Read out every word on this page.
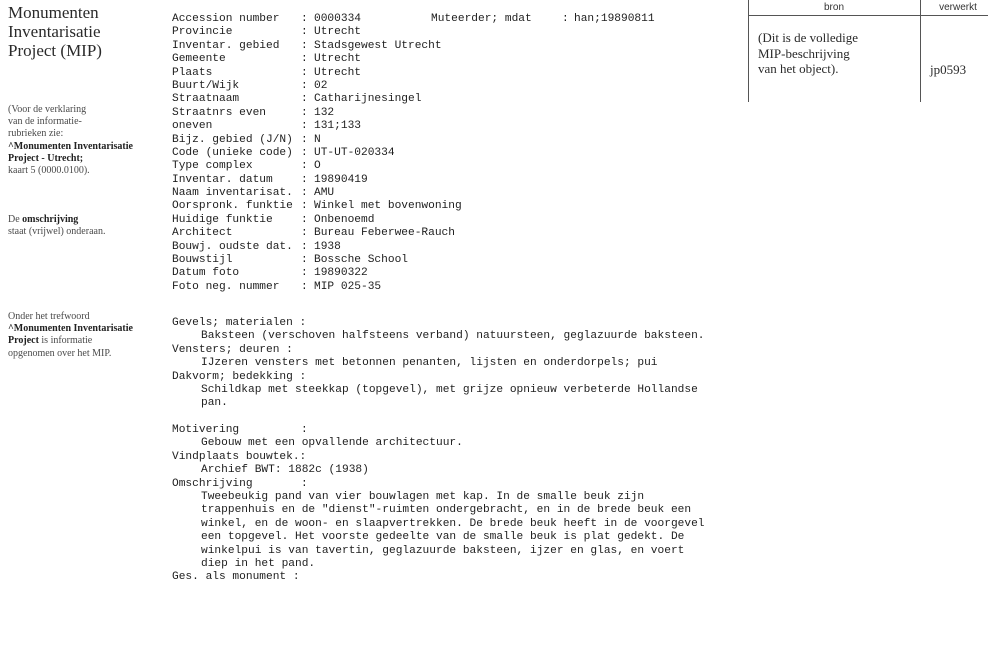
Monumenten
Inventarisatie
Project (MIP)
(Voor de verklaring
van de informatie-
rubrieken zie:
^Monumenten Inventarisatie
Project - Utrecht;
kaart 5 (0000.0100).
De omschrijving
staat (vrijwel) onderaan.
Onder het trefwoord
^Monumenten Inventarisatie
Project is informatie
opgenomen over het MIP.
Accession number : 0000334	Muteerder; mdat	: han;19890811
Provincie	: Utrecht
Inventar. gebied : Stadsgewest Utrecht
Gemeente	: Utrecht
Plaats	: Utrecht
Buurt/Wijk	: 02
Straatnaam	: Catharijnesingel
Straatnrs even	: 132
oneven	: 131;133
Bijz. gebied (J/N) : N
Code (unieke code) : UT-UT-020334
Type complex	: O
Inventar. datum	: 19890419
Naam inventarisat. : AMU
Oorspronk. funktie : Winkel met bovenwoning
Huidige funktie	: Onbenoemd
Architect	: Bureau Feberwee-Rauch
Bouwj. oudste dat. : 1938
Bouwstijl	: Bossche School
Datum foto	: 19890322
Foto neg. nummer : MIP 025-35
Gevels; materialen :
Baksteen (verschoven halfsteens verband) natuursteen, geglazuurde baksteen.
Vensters; deuren :
IJzeren vensters met betonnen penanten, lijsten en onderdorpels; pui
Dakvorm; bedekking :
Schildkap met steekkap (topgevel), met grijze opnieuw verbeterde Hollandse
pan.
Motivering	:
Gebouw met een opvallende architectuur.
Vindplaats bouwtek.:
Archief BWT: 1882c (1938)
Omschrijving	:
Tweebeukig pand van vier bouwlagen met kap. In de smalle beuk zijn
trappenhuis en de "dienst"-ruimten ondergebracht, en in de brede beuk een
winkel, en de woon- en slaapvertrekken. De brede beuk heeft in de voorgevel
een topgevel. Het voorste gedeelte van de smalle beuk is plat gedekt. De
winkelpui is van tavertin, geglazuurde baksteen, ijzer en glas, en voert
diep in het pand.
Ges. als monument :
bron	verwerkt
(Dit is de volledige
MIP-beschrijving
van het object).	jp0593
